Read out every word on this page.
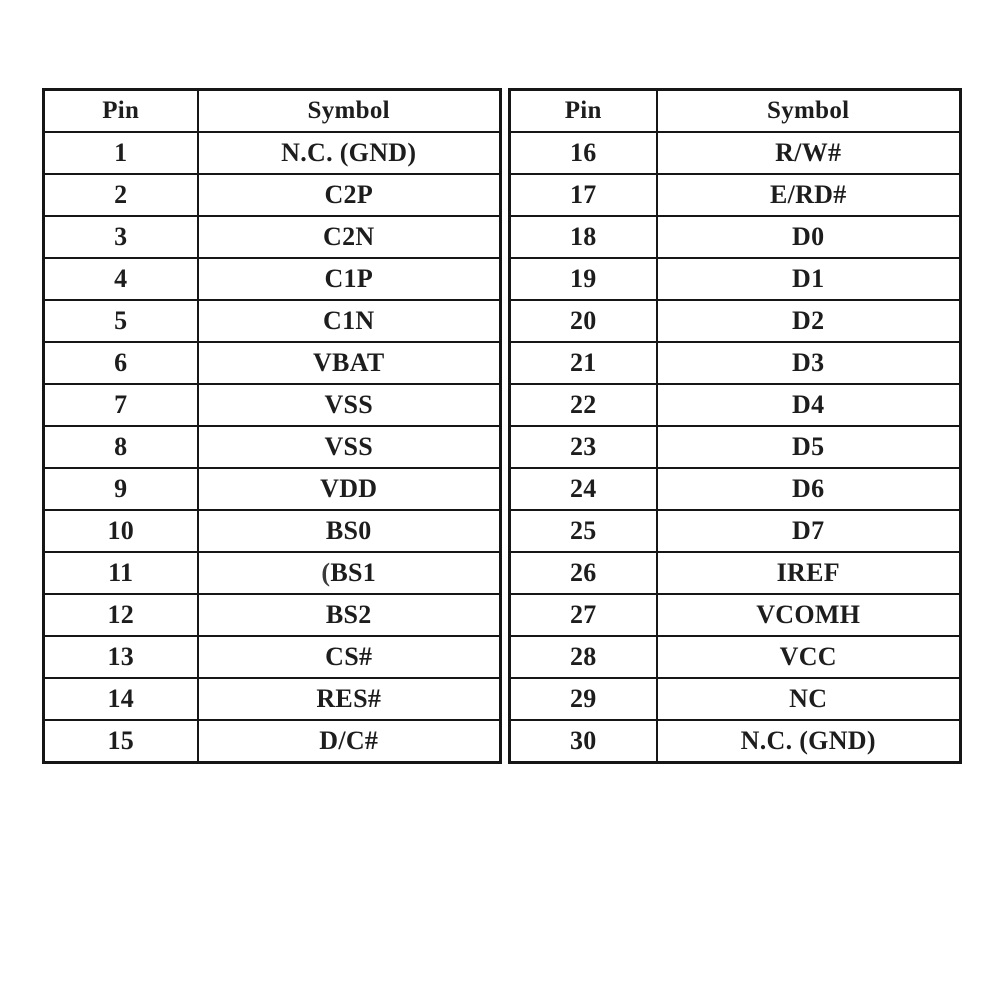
Pin	Symbol
1	N.C. (GND)
2	C2P
3	C2N
4	C1P
5	C1N
6	VBAT
7	VSS
8	VSS
9	VDD
10	BS0
11	(BS1
12	BS2
13	CS#
14	RES#
15	D/C#
Pin	Symbol
16	R/W#
17	E/RD#
18	D0
19	D1
20	D2
21	D3
22	D4
23	D5
24	D6
25	D7
26	IREF
27	VCOMH
28	VCC
29	NC
30	N.C. (GND)
